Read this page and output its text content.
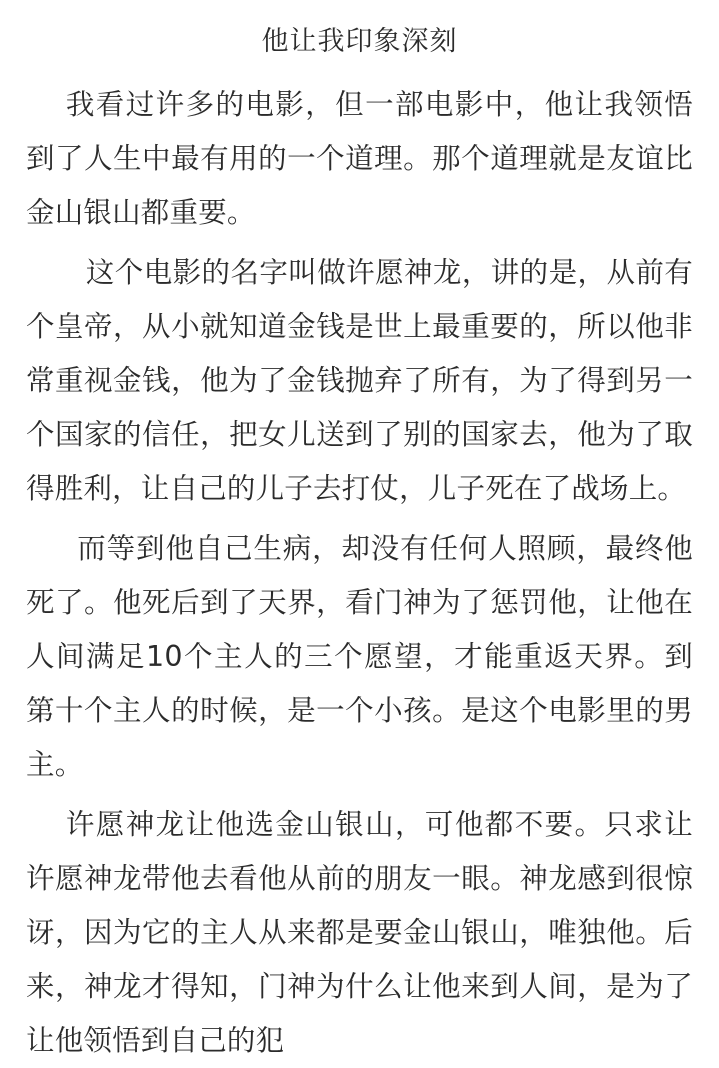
他让我印象深刻

我看过许多的电影，但一部电影中，他让我领悟到了人生中最有用的一个道理。那个道理就是友谊比金山银山都重要。

这个电影的名字叫做许愿神龙，讲的是，从前有个皇帝，从小就知道金钱是世上最重要的，所以他非常重视金钱，他为了金钱抛弃了所有，为了得到另一个国家的信任，把女儿送到了别的国家去，他为了取得胜利，让自己的儿子去打仗，儿子死在了战场上。

而等到他自己生病，却没有任何人照顾，最终他死了。他死后到了天界，看门神为了惩罚他，让他在人间满足10个主人的三个愿望，才能重返天界。到第十个主人的时候，是一个小孩。是这个电影里的男主。

许愿神龙让他选金山银山，可他都不要。只求让许愿神龙带他去看他从前的朋友一眼。神龙感到很惊讶，因为它的主人从来都是要金山银山，唯独他。后来，神龙才得知，门神为什么让他来到人间，是为了让他领悟到自己的犯
